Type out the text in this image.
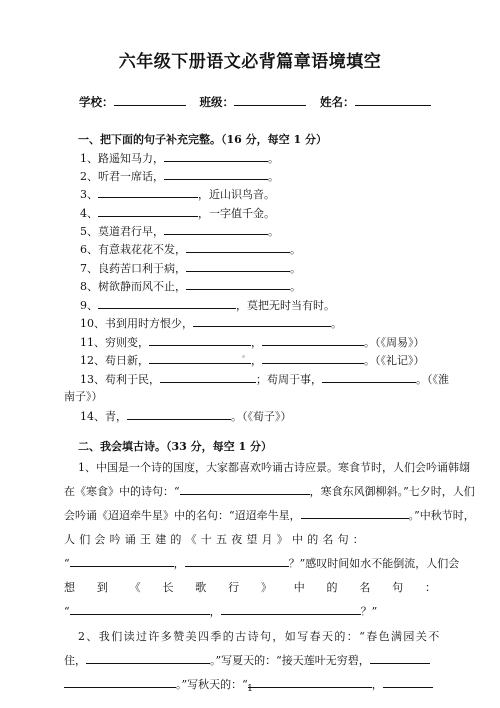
六年级下册语文必背篇章语境填空
学校：	班级：	姓名：
一、把下面的句子补充完整。（16 分，每空 1 分）
1、路遥知马力，	。
2、听君一席话，	。
3、	，近山识鸟音。
4、	，一字值千金。
5、莫道君行早，	。
6、有意栽花花不发，	。
7、良药苦口利于病，	。
8、树欲静而风不止，	。
9、	，莫把无时当有时。
10、书到用时方恨少，	。
11、穷则变，	，	。（《周易》）
12、苟日新，	，	。（《礼记》）
13、苟利于民，	；苟周于事，	。（《淮
南子》）
14、青，	。（《荀子》）
二、我会填古诗。（33 分，每空 1 分）
1、中国是一个诗的国度，大家都喜欢吟诵古诗应景。寒食节时，人们会吟诵韩翃
在《寒食》中的诗句：“	，寒食东风御柳斜。”七夕时，人们
会吟诵《迢迢牵牛星》中的名句：“迢迢牵牛星，	。”中秋节时，
人们会吟诵王建的《十五夜望月》中的名句：
“	，	？”感叹时间如水不能倒流，人们会
想 到 《 长 歌 行 》 中 的 名 句 ：
“	，	？”
2、我们读过许多赞美四季的古诗句，如写春天的：“春色满园关不
住，	。”写夏天的：“接天莲叶无穷碧，
。”写秋天的：“	，
1
